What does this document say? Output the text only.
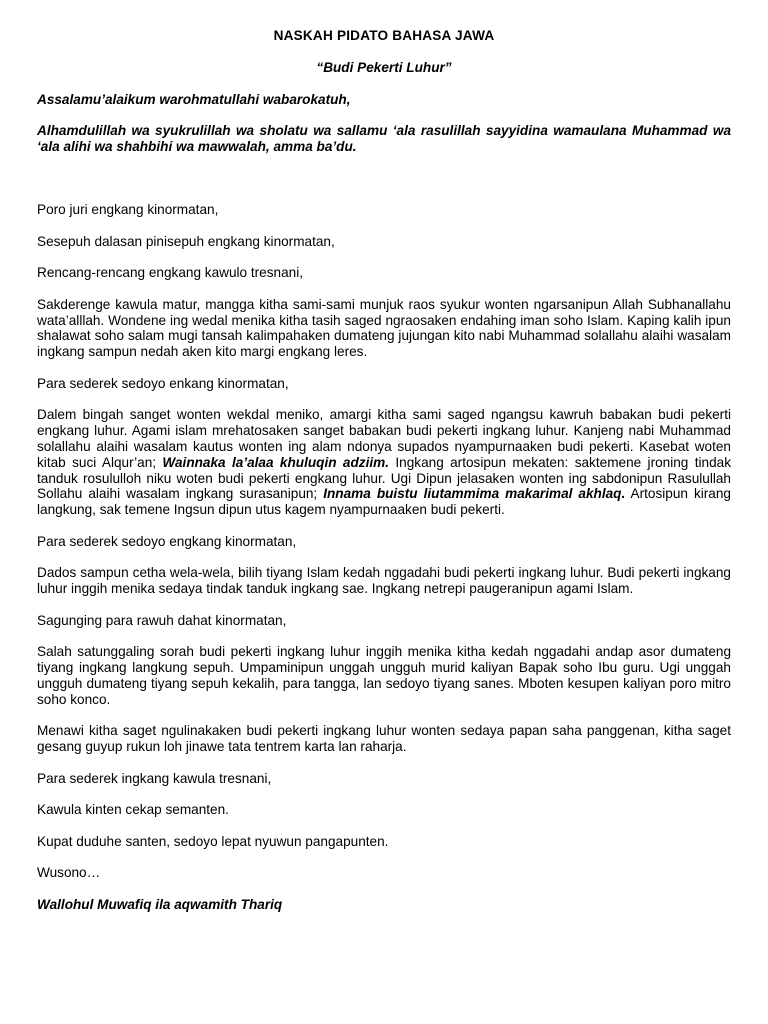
NASKAH PIDATO BAHASA JAWA

“Budi Pekerti Luhur”

Assalamu’alaikum warohmatullahi wabarokatuh,

Alhamdulillah wa syukrulillah wa sholatu wa sallamu ‘ala rasulillah sayyidina wamaulana Muhammad wa ‘ala alihi wa shahbihi wa mawwalah, amma ba’du.

Poro juri engkang kinormatan,

Sesepuh dalasan pinisepuh engkang kinormatan,

Rencang-rencang engkang kawulo tresnani,

Sakderenge kawula matur, mangga kitha sami-sami munjuk raos syukur wonten ngarsanipun Allah Subhanallahu wata’alllah. Wondene ing wedal menika kitha tasih saged ngraosaken endahing iman soho Islam. Kaping kalih ipun shalawat soho salam mugi tansah kalimpahaken dumateng jujungan kito nabi Muhammad solallahu alaihi wasalam ingkang sampun nedah aken kito margi engkang leres.

Para sederek sedoyo enkang kinormatan,

Dalem bingah sanget wonten wekdal meniko, amargi kitha sami saged ngangsu kawruh babakan budi pekerti engkang luhur. Agami islam mrehatosaken sanget babakan budi pekerti ingkang luhur. Kanjeng nabi Muhammad solallahu alaihi wasalam kautus wonten ing alam ndonya supados nyampurnaaken budi pekerti. Kasebat woten kitab suci Alqur’an; Wainnaka la’alaa khuluqin adziim. Ingkang artosipun mekaten: saktemene jroning tindak tanduk rosululloh niku woten budi pekerti engkang luhur. Ugi Dipun jelasaken wonten ing sabdonipun Rasulullah Sollahu alaihi wasalam ingkang surasanipun; Innama buistu liutammima makarimal akhlaq. Artosipun kirang langkung, sak temene Ingsun dipun utus kagem nyampurnaaken budi pekerti.

Para sederek sedoyo engkang kinormatan,

Dados sampun cetha wela-wela, bilih tiyang Islam kedah nggadahi budi pekerti ingkang luhur. Budi pekerti ingkang luhur inggih menika sedaya tindak tanduk ingkang sae. Ingkang netrepi paugeranipun agami Islam.

Sagunging para rawuh dahat kinormatan,

Salah satunggaling sorah budi pekerti ingkang luhur inggih menika kitha kedah nggadahi andap asor dumateng tiyang ingkang langkung sepuh. Umpaminipun unggah ungguh murid kaliyan Bapak soho Ibu guru. Ugi unggah ungguh dumateng tiyang sepuh kekalih, para tangga, lan sedoyo tiyang sanes. Mboten kesupen kaliyan poro mitro soho konco.

Menawi kitha saget ngulinakaken budi pekerti ingkang luhur wonten sedaya papan saha panggenan, kitha saget gesang guyup rukun loh jinawe tata tentrem karta lan raharja.

Para sederek ingkang kawula tresnani,

Kawula kinten cekap semanten.

Kupat duduhe santen, sedoyo lepat nyuwun pangapunten.

Wusono…

Wallohul Muwafiq ila aqwamith Thariq
